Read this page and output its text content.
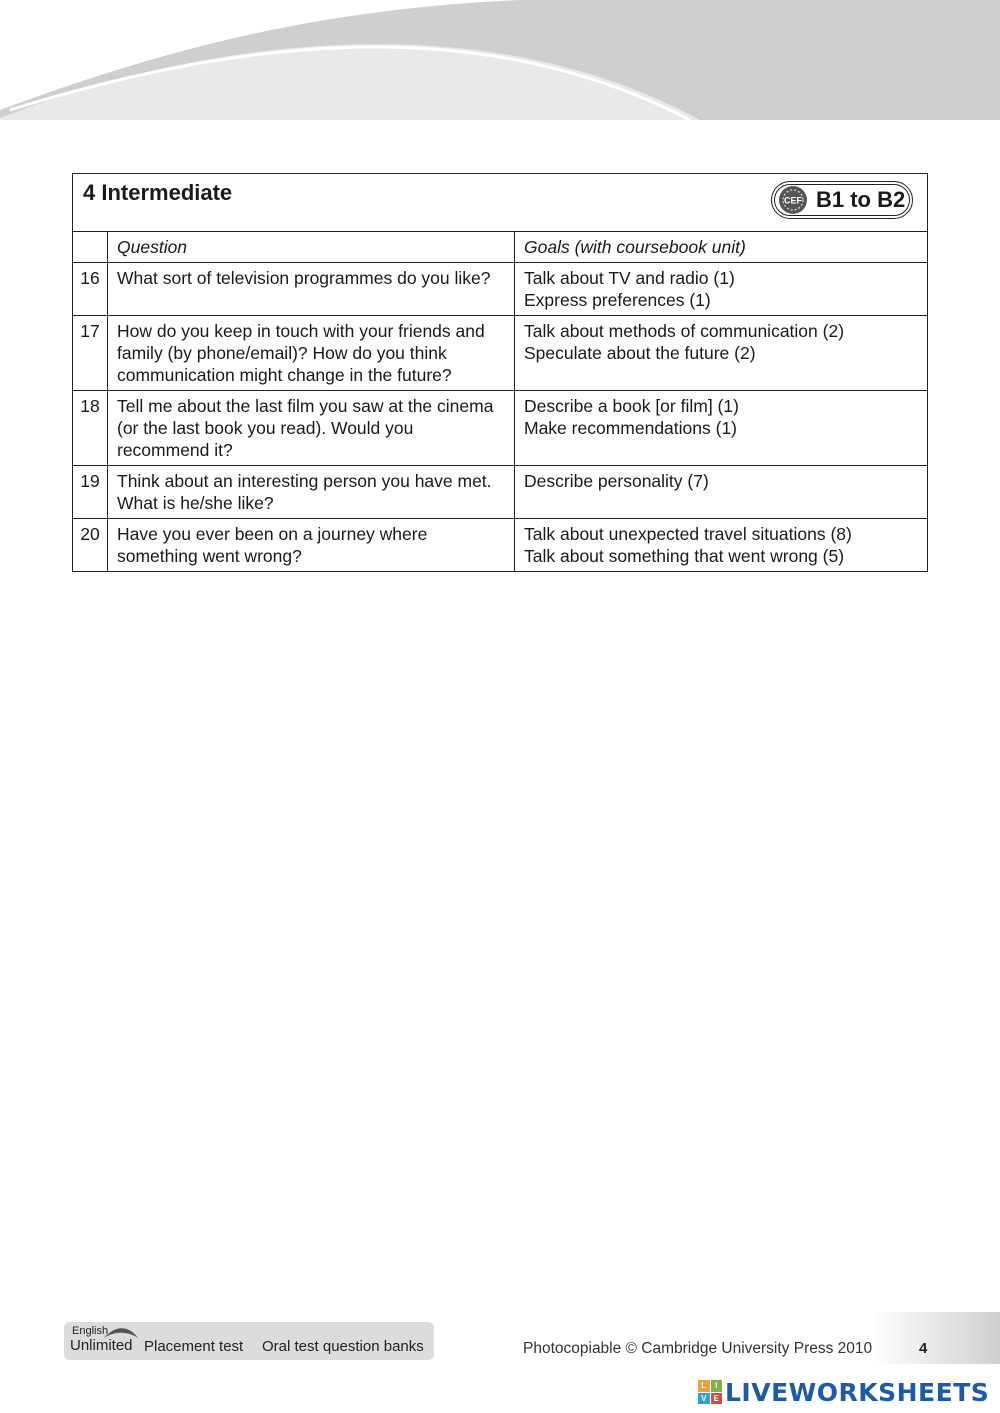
4 Intermediate CEF B1 to B2		

	Question	Goals (with coursebook unit)
16	What sort of television programmes do you like?	Talk about TV and radio (1)
Express preferences (1)

17	How do you keep in touch with your friends and family (by phone/email)? How do you think communication might change in the future?	Talk about methods of communication (2)
Speculate about the future (2)

18	Tell me about the last film you saw at the cinema (or the last book you read). Would you recommend it?	Describe a book [or film] (1)
Make recommendations (1)

19	Think about an interesting person you have met. What is he/she like?	Describe personality (7)

20	Have you ever been on a journey where something went wrong?	Talk about unexpected travel situations (8)
Talk about something that went wrong (5)
English
Unlimited Placement test Oral test question banks	Photocopiable © Cambridge University Press 2010	4
L	I
V E LIVEWORKSHEETS
